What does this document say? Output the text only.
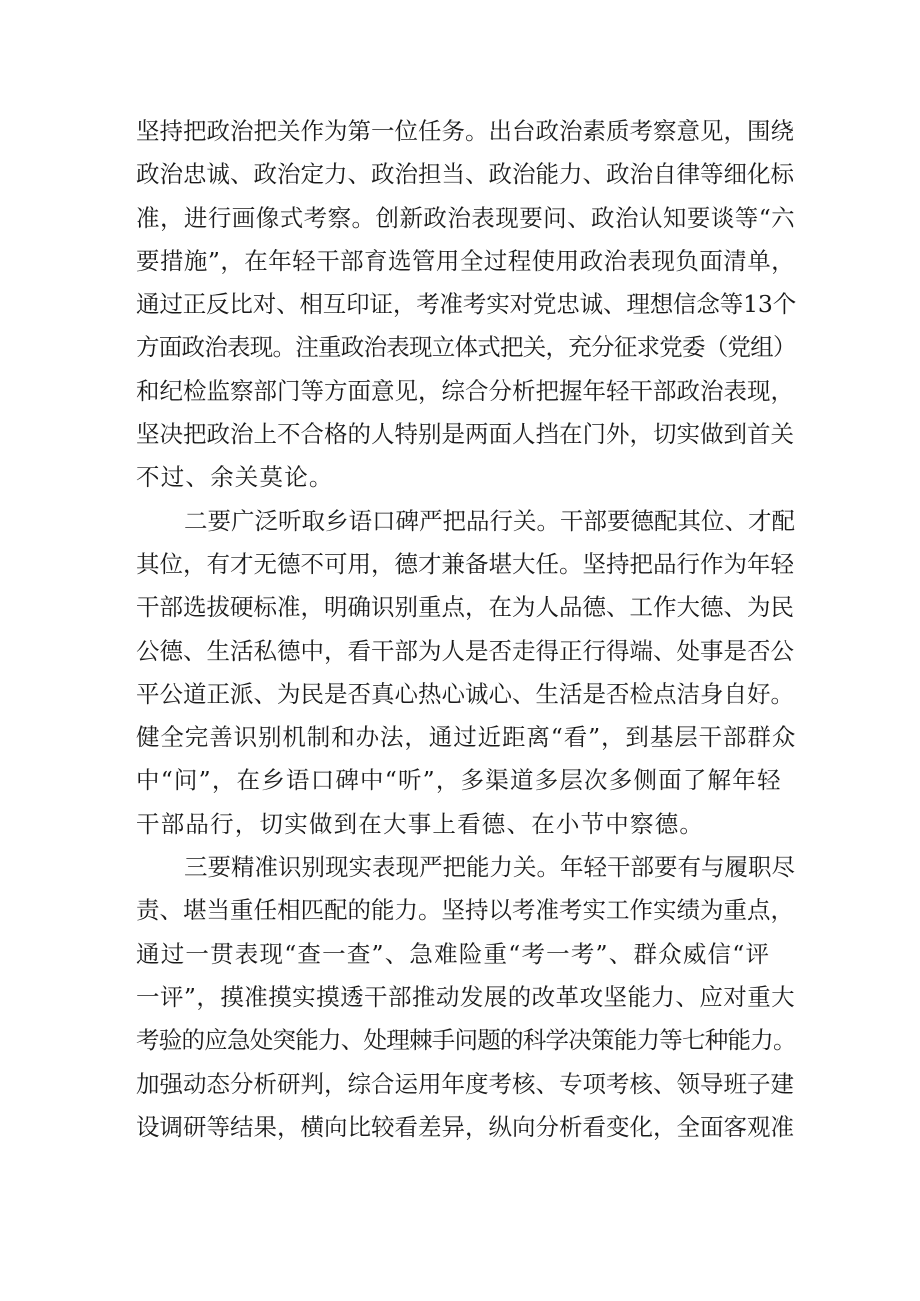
坚持把政治把关作为第一位任务。出台政治素质考察意见，围绕
政治忠诚、政治定力、政治担当、政治能力、政治自律等细化标
准，进行画像式考察。创新政治表现要问、政治认知要谈等“六
要措施”，在年轻干部育选管用全过程使用政治表现负面清单，
通过正反比对、相互印证，考准考实对党忠诚、理想信念等13个
方面政治表现。注重政治表现立体式把关，充分征求党委（党组）
和纪检监察部门等方面意见，综合分析把握年轻干部政治表现，
坚决把政治上不合格的人特别是两面人挡在门外，切实做到首关
不过、余关莫论。
二要广泛听取乡语口碑严把品行关。干部要德配其位、才配
其位，有才无德不可用，德才兼备堪大任。坚持把品行作为年轻
干部选拔硬标准，明确识别重点，在为人品德、工作大德、为民
公德、生活私德中，看干部为人是否走得正行得端、处事是否公
平公道正派、为民是否真心热心诚心、生活是否检点洁身自好。
健全完善识别机制和办法，通过近距离“看”，到基层干部群众
中“问”，在乡语口碑中“听”，多渠道多层次多侧面了解年轻
干部品行，切实做到在大事上看德、在小节中察德。
三要精准识别现实表现严把能力关。年轻干部要有与履职尽
责、堪当重任相匹配的能力。坚持以考准考实工作实绩为重点，
通过一贯表现“查一查”、急难险重“考一考”、群众威信“评
一评”，摸准摸实摸透干部推动发展的改革攻坚能力、应对重大
考验的应急处突能力、处理棘手问题的科学决策能力等七种能力。
加强动态分析研判，综合运用年度考核、专项考核、领导班子建
设调研等结果，横向比较看差异，纵向分析看变化，全面客观准
